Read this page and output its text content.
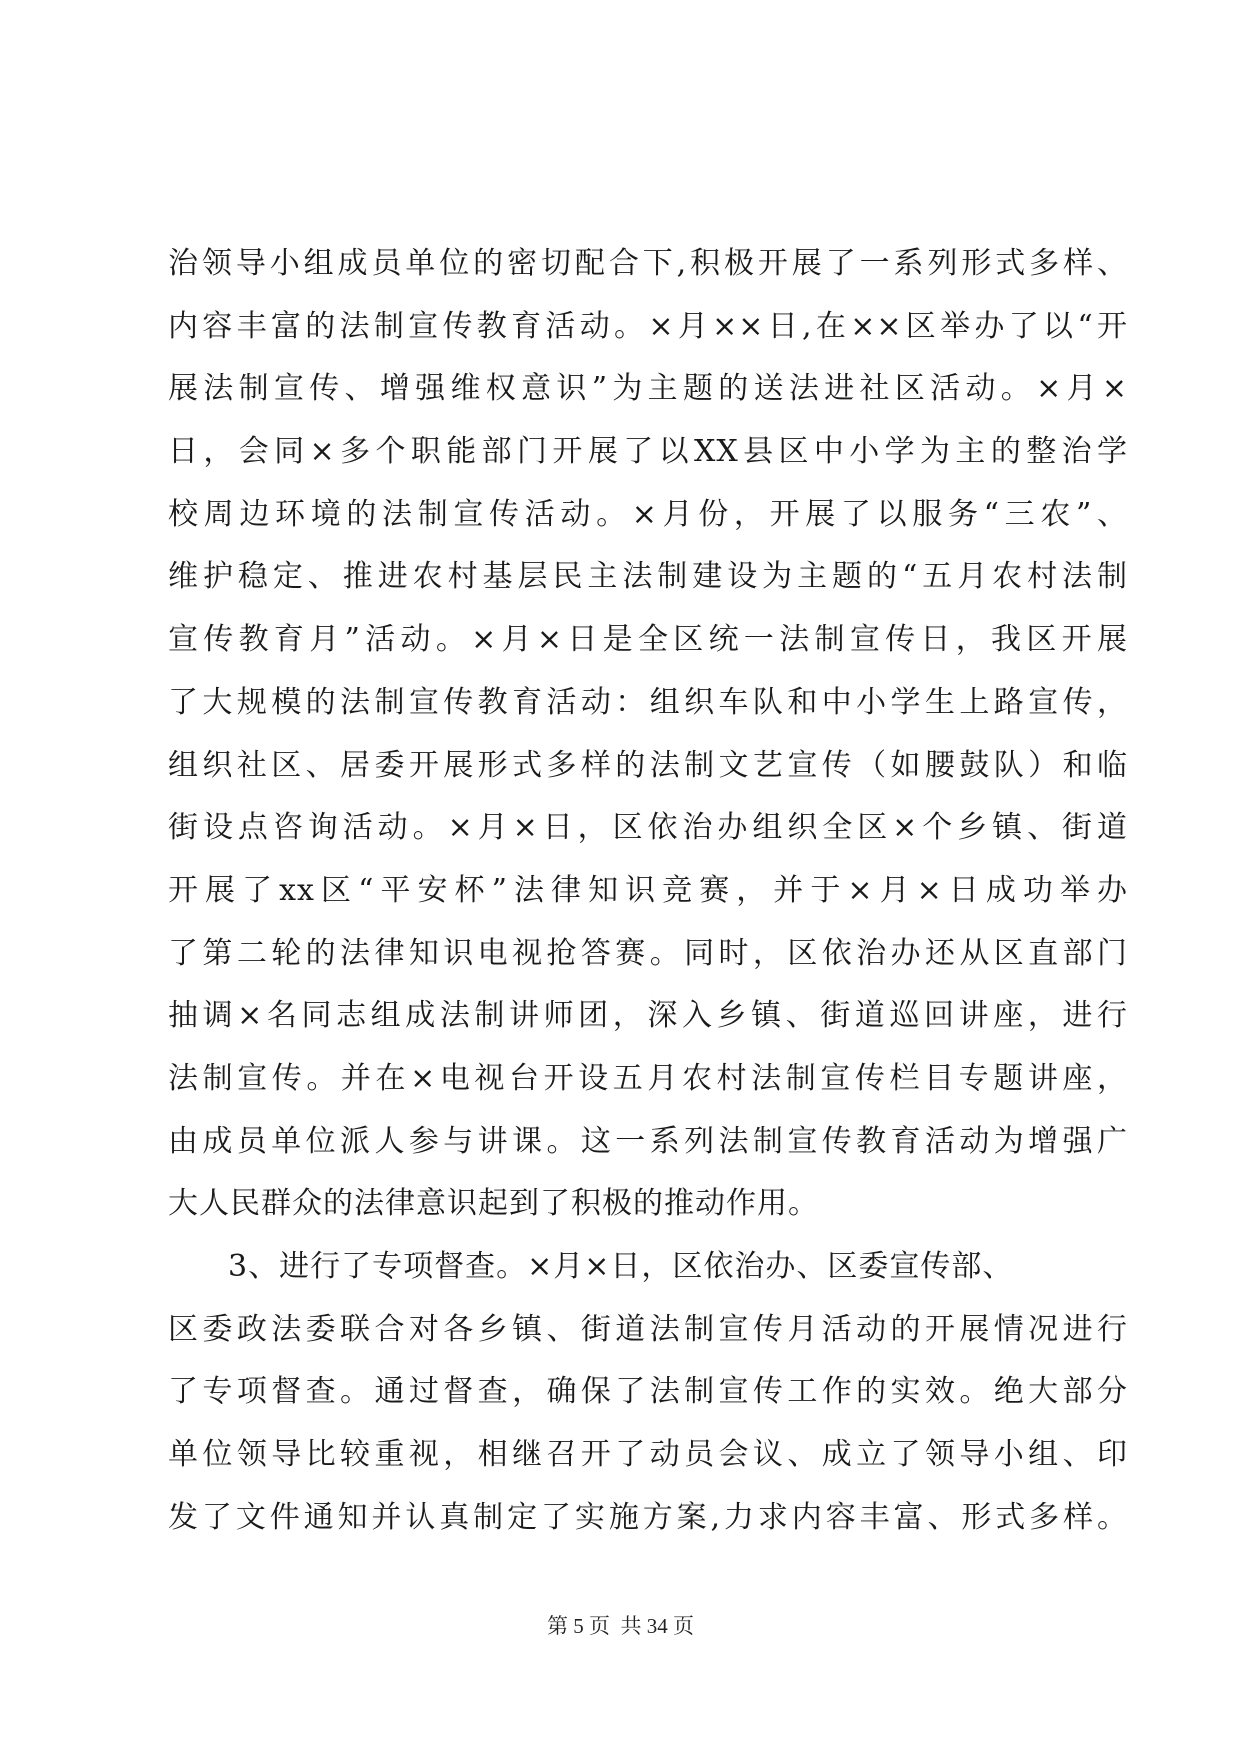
治领导小组成员单位的密切配合下,积极开展了一系列形式多样、
内容丰富的法制宣传教育活动。×月××日,在××区举办了以“开
展法制宣传、增强维权意识”为主题的送法进社区活动。×月×
日，会同×多个职能部门开展了以XX县区中小学为主的整治学
校周边环境的法制宣传活动。×月份，开展了以服务“三农”、
维护稳定、推进农村基层民主法制建设为主题的“五月农村法制
宣传教育月”活动。×月×日是全区统一法制宣传日，我区开展
了大规模的法制宣传教育活动：组织车队和中小学生上路宣传，
组织社区、居委开展形式多样的法制文艺宣传（如腰鼓队）和临
街设点咨询活动。×月×日，区依治办组织全区×个乡镇、街道
开展了xx区“平安杯”法律知识竞赛，并于×月×日成功举办
了第二轮的法律知识电视抢答赛。同时，区依治办还从区直部门
抽调×名同志组成法制讲师团，深入乡镇、街道巡回讲座，进行
法制宣传。并在×电视台开设五月农村法制宣传栏目专题讲座，
由成员单位派人参与讲课。这一系列法制宣传教育活动为增强广
大人民群众的法律意识起到了积极的推动作用。
3、进行了专项督查。×月×日，区依治办、区委宣传部、
区委政法委联合对各乡镇、街道法制宣传月活动的开展情况进行
了专项督查。通过督查，确保了法制宣传工作的实效。绝大部分
单位领导比较重视，相继召开了动员会议、成立了领导小组、印
发了文件通知并认真制定了实施方案,力求内容丰富、形式多样。
第 5 页  共 34 页
